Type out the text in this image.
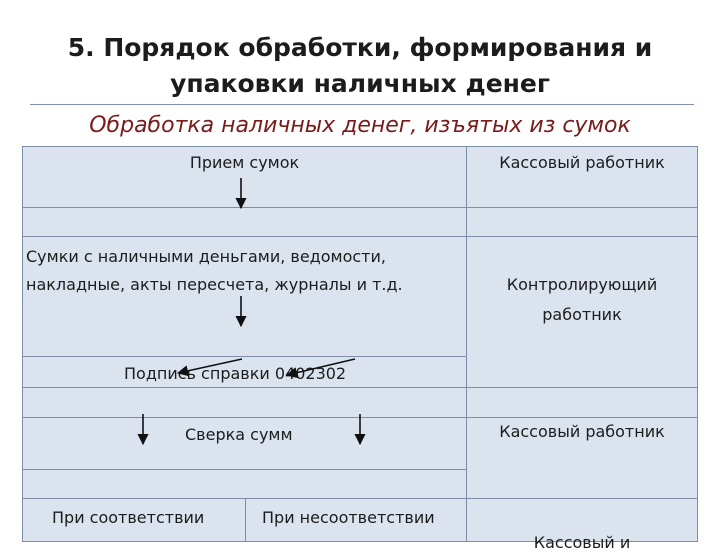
5. Порядок обработки, формирования и
упаковки наличных денег
Обработка наличных денег, изъятых из сумок
Прием сумок	Кассовый работник
Сумки с наличными деньгами, ведомости,
накладные, акты пересчета, журналы и т.д.	Контролирующий
работник
Подпись справки 0402302
Сверка сумм	Кассовый работник
При соответствии	При несоответствии
Кассовый и
